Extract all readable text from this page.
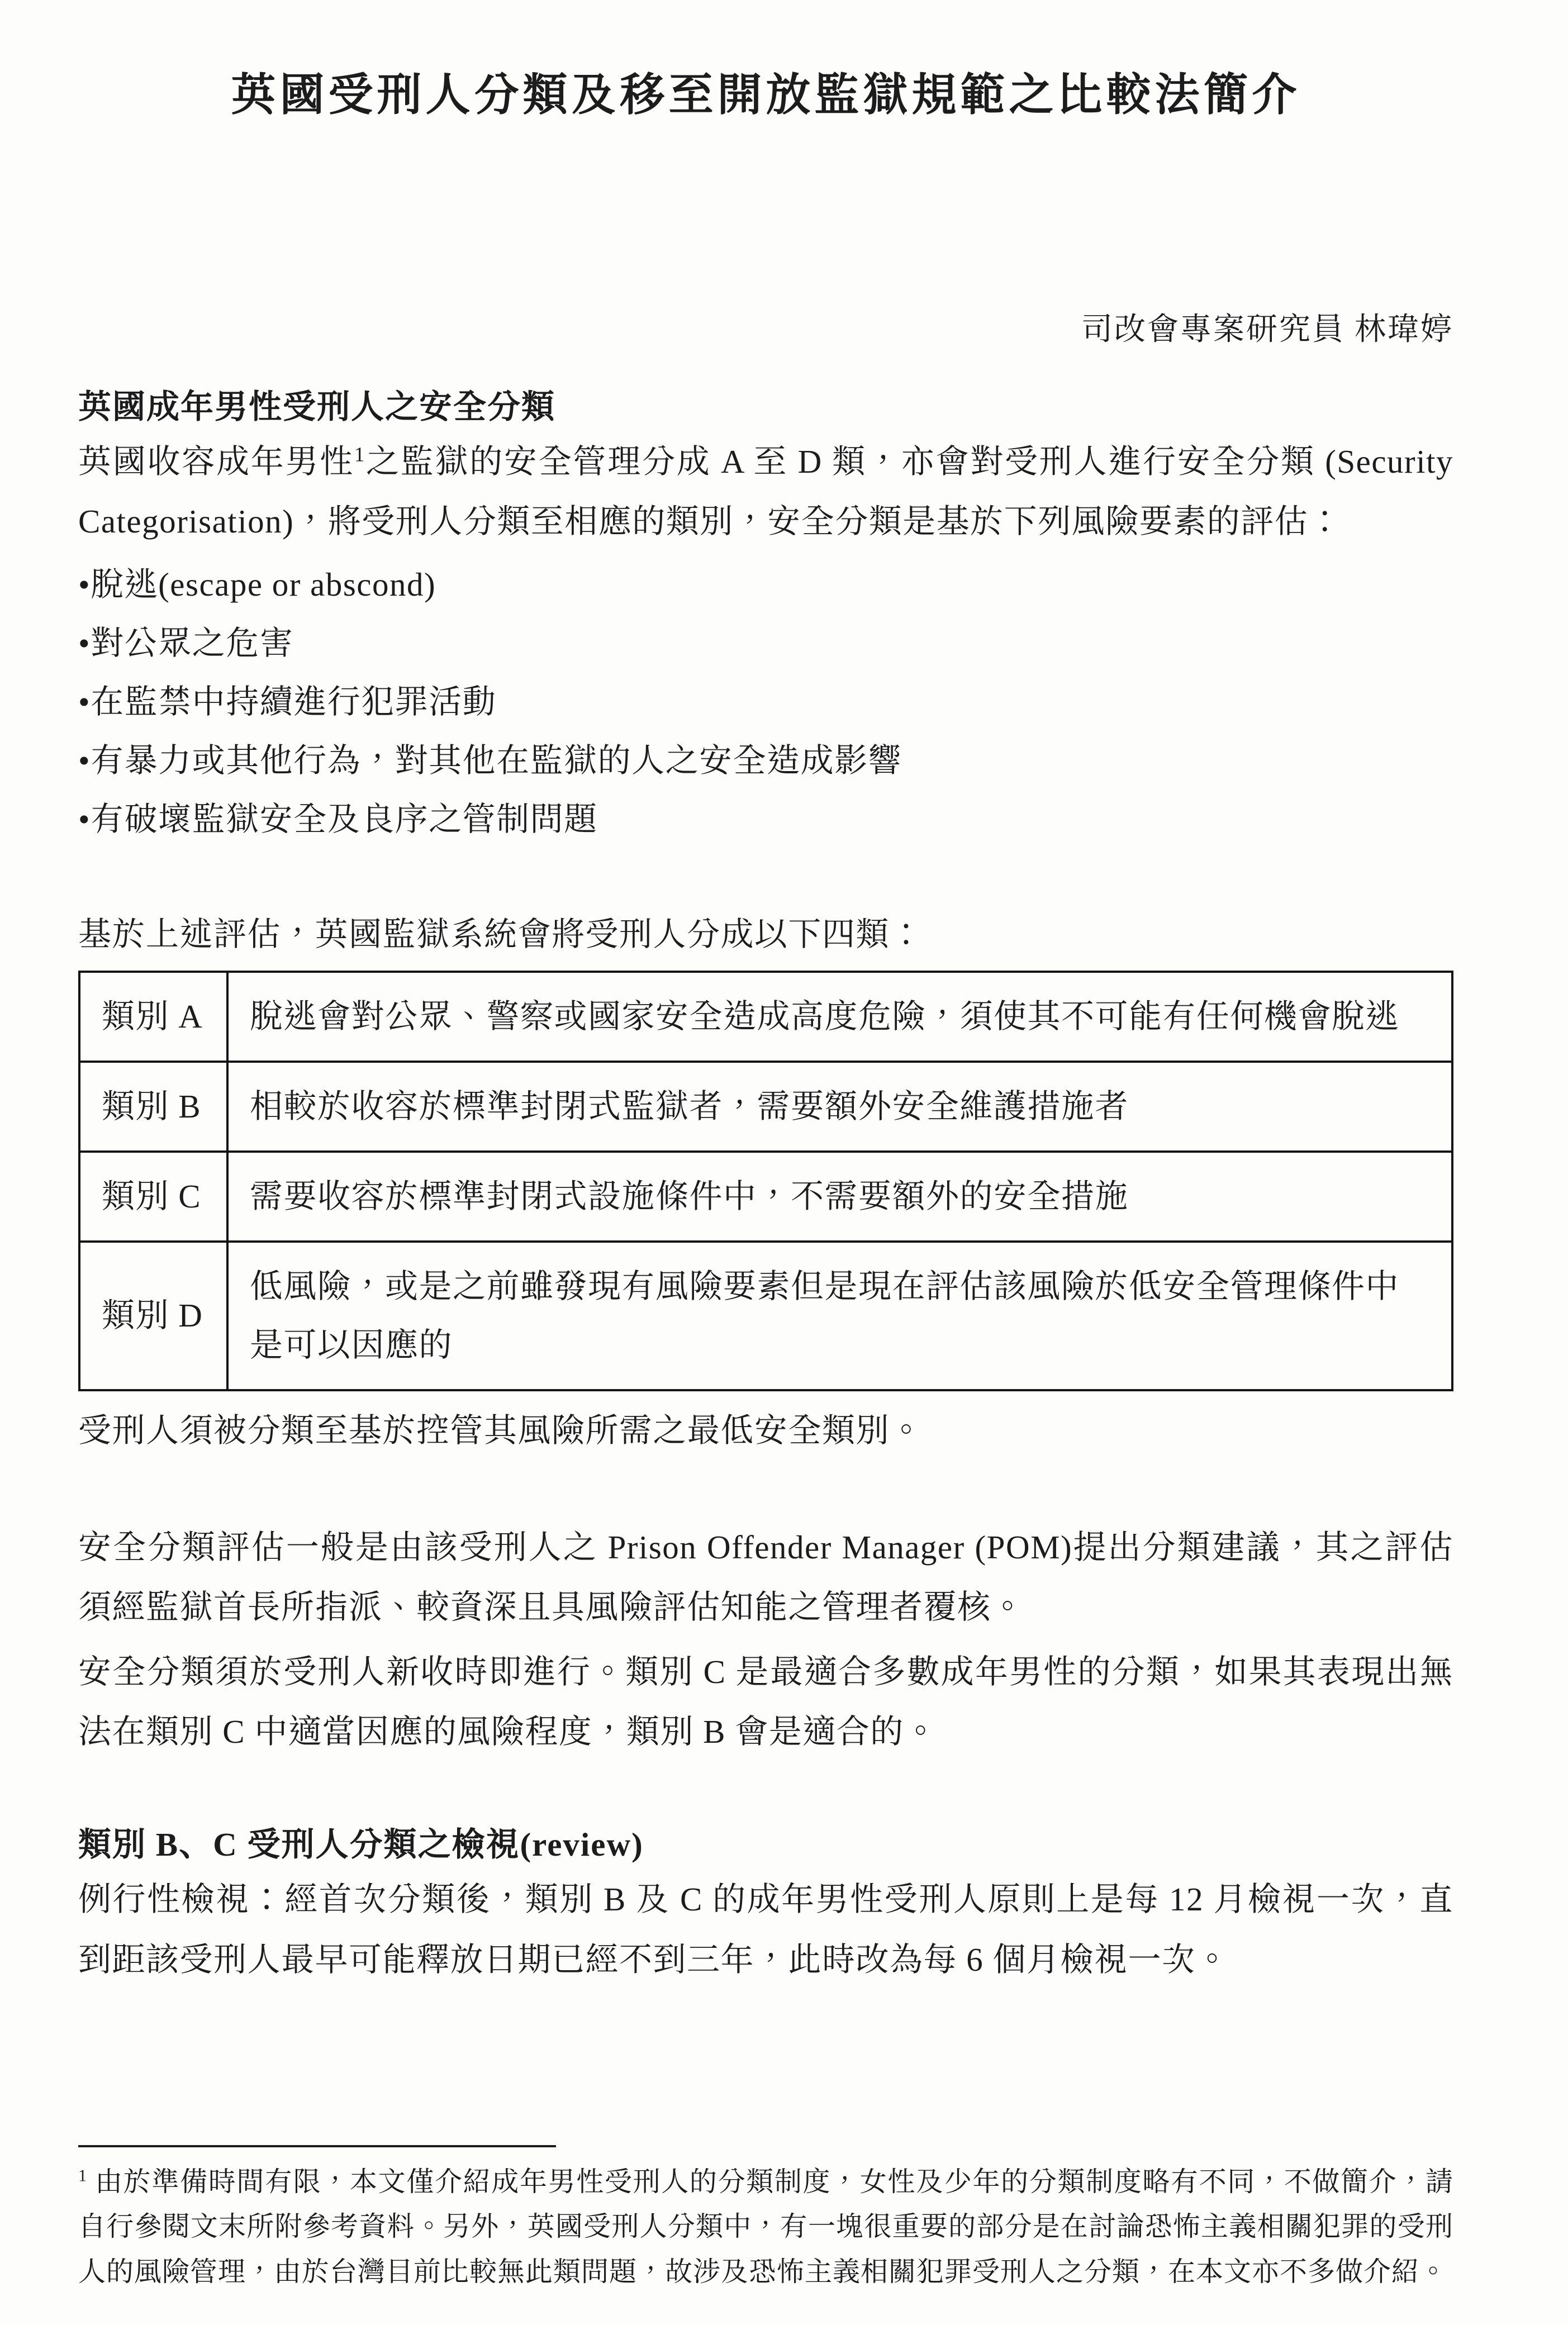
英國受刑人分類及移至開放監獄規範之比較法簡介
司改會專案研究員 林瑋婷
英國成年男性受刑人之安全分類

英國收容成年男性$^1$之監獄的安全管理分成 A 至 D 類，亦會對受刑人進行安全分類 (Security Categorisation)，將受刑人分類至相應的類別，安全分類是基於下列風險要素的評估：

•脫逃(escape or abscond)
•對公眾之危害
•在監禁中持續進行犯罪活動
•有暴力或其他行為，對其他在監獄的人之安全造成影響
•有破壞監獄安全及良序之管制問題

基於上述評估，英國監獄系統會將受刑人分成以下四類：

類別 A	脫逃會對公眾、警察或國家安全造成高度危險，須使其不可能有任何機會脫逃
類別 B	相較於收容於標準封閉式監獄者，需要額外安全維護措施者
類別 C	需要收容於標準封閉式設施條件中，不需要額外的安全措施
類別 D	低風險，或是之前雖發現有風險要素但是現在評估該風險於低安全管理條件中是可以因應的

受刑人須被分類至基於控管其風險所需之最低安全類別。

安全分類評估一般是由該受刑人之 Prison Offender Manager (POM)提出分類建議，其之評估須經監獄首長所指派、較資深且具風險評估知能之管理者覆核。

安全分類須於受刑人新收時即進行。類別 C 是最適合多數成年男性的分類，如果其表現出無法在類別 C 中適當因應的風險程度，類別 B 會是適合的。

類別 B、C 受刑人分類之檢視(review)

例行性檢視：經首次分類後，類別 B 及 C 的成年男性受刑人原則上是每 12 月檢視一次，直到距該受刑人最早可能釋放日期已經不到三年，此時改為每 6 個月檢視一次。

$^1$ 由於準備時間有限，本文僅介紹成年男性受刑人的分類制度，女性及少年的分類制度略有不同，不做簡介，請自行參閱文末所附參考資料。另外，英國受刑人分類中，有一塊很重要的部分是在討論恐怖主義相關犯罪的受刑人的風險管理，由於台灣目前比較無此類問題，故涉及恐怖主義相關犯罪受刑人之分類，在本文亦不多做介紹。
